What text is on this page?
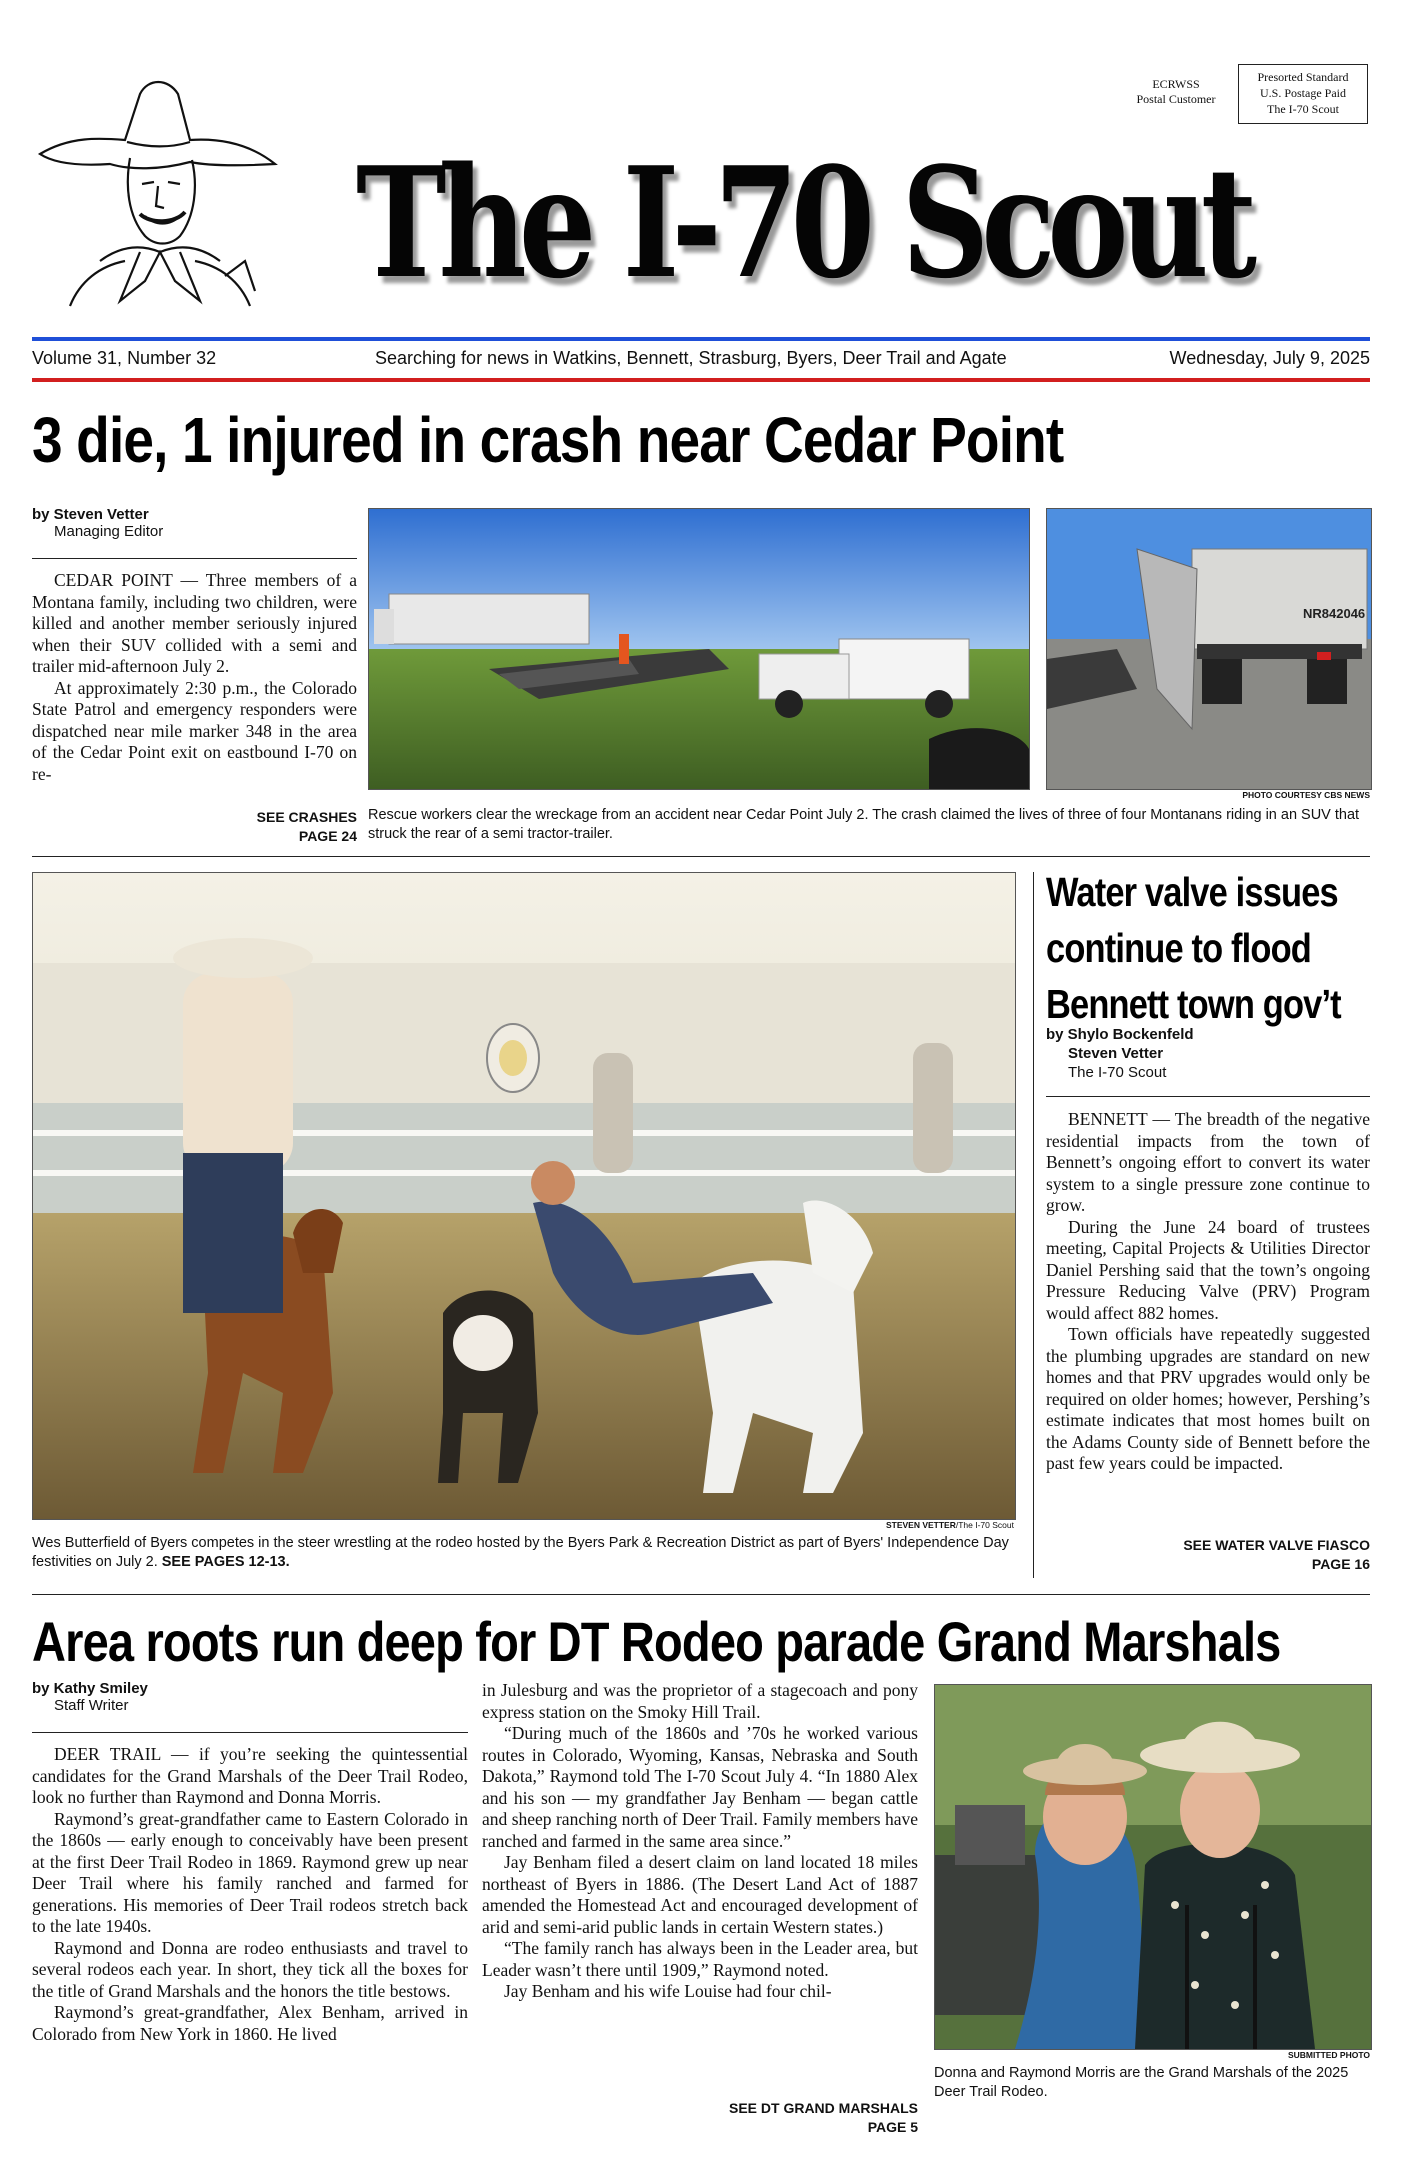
ECRWSS
Postal Customer
Presorted Standard
U.S. Postage Paid
The I-70 Scout
The I-70 Scout
Volume 31, Number 32	Searching for news in Watkins, Bennett, Strasburg, Byers, Deer Trail and Agate	Wednesday, July 9, 2025
3 die, 1 injured in crash near Cedar Point
by Steven Vetter
Managing Editor

CEDAR POINT — Three members of a Montana family, including two children, were killed and another member seriously injured when their SUV collided with a semi and trailer mid-afternoon July 2.

At approximately 2:30 p.m., the Colorado State Patrol and emergency responders were dispatched near mile marker 348 in the area of the Cedar Point exit on eastbound I-70 on re-

SEE CRASHES
PAGE 24
NR842046
PHOTO COURTESY CBS NEWS
Rescue workers clear the wreckage from an accident near Cedar Point July 2. The crash claimed the lives of three of four Montanans riding in an SUV that struck the rear of a semi tractor-trailer.
STEVEN VETTER/The I-70 Scout
Wes Butterfield of Byers competes in the steer wrestling at the rodeo hosted by the Byers Park & Recreation District as part of Byers' Independence Day festivities on July 2. SEE PAGES 12-13.
Water valve issues
continue to flood
Bennett town gov’t
by Shylo Bockenfeld
Steven Vetter
The I-70 Scout

BENNETT — The breadth of the negative residential impacts from the town of Bennett’s ongoing effort to convert its water system to a single pressure zone continue to grow.

During the June 24 board of trustees meeting, Capital Projects & Utilities Director Daniel Pershing said that the town’s ongoing Pressure Reducing Valve (PRV) Program would affect 882 homes.

Town officials have repeatedly suggested the plumbing upgrades are standard on new homes and that PRV upgrades would only be required on older homes; however, Pershing’s estimate indicates that most homes built on the Adams County side of Bennett before the past few years could be impacted.

SEE WATER VALVE FIASCO
PAGE 16
Area roots run deep for DT Rodeo parade Grand Marshals
by Kathy Smiley
Staff Writer

DEER TRAIL — if you’re seeking the quintessential candidates for the Grand Marshals of the Deer Trail Rodeo, look no further than Raymond and Donna Morris.

Raymond’s great-grandfather came to Eastern Colorado in the 1860s — early enough to conceivably have been present at the first Deer Trail Rodeo in 1869. Raymond grew up near Deer Trail where his family ranched and farmed for generations. His memories of Deer Trail rodeos stretch back to the late 1940s.

Raymond and Donna are rodeo enthusiasts and travel to several rodeos each year. In short, they tick all the boxes for the title of Grand Marshals and the honors the title bestows.

Raymond’s great-grandfather, Alex Benham, arrived in Colorado from New York in 1860. He lived

in Julesburg and was the proprietor of a stagecoach and pony express station on the Smoky Hill Trail.

“During much of the 1860s and ’70s he worked various routes in Colorado, Wyoming, Kansas, Nebraska and South Dakota,” Raymond told The I-70 Scout July 4. “In 1880 Alex and his son — my grandfather Jay Benham — began cattle and sheep ranching north of Deer Trail. Family members have ranched and farmed in the same area since.”

Jay Benham filed a desert claim on land located 18 miles northeast of Byers in 1886. (The Desert Land Act of 1887 amended the Homestead Act and encouraged development of arid and semi-arid public lands in certain Western states.)

“The family ranch has always been in the Leader area, but Leader wasn’t there until 1909,” Raymond noted.

Jay Benham and his wife Louise had four chil-

SEE DT GRAND MARSHALS
PAGE 5
SUBMITTED PHOTO
Donna and Raymond Morris are the Grand Marshals of the 2025 Deer Trail Rodeo.
